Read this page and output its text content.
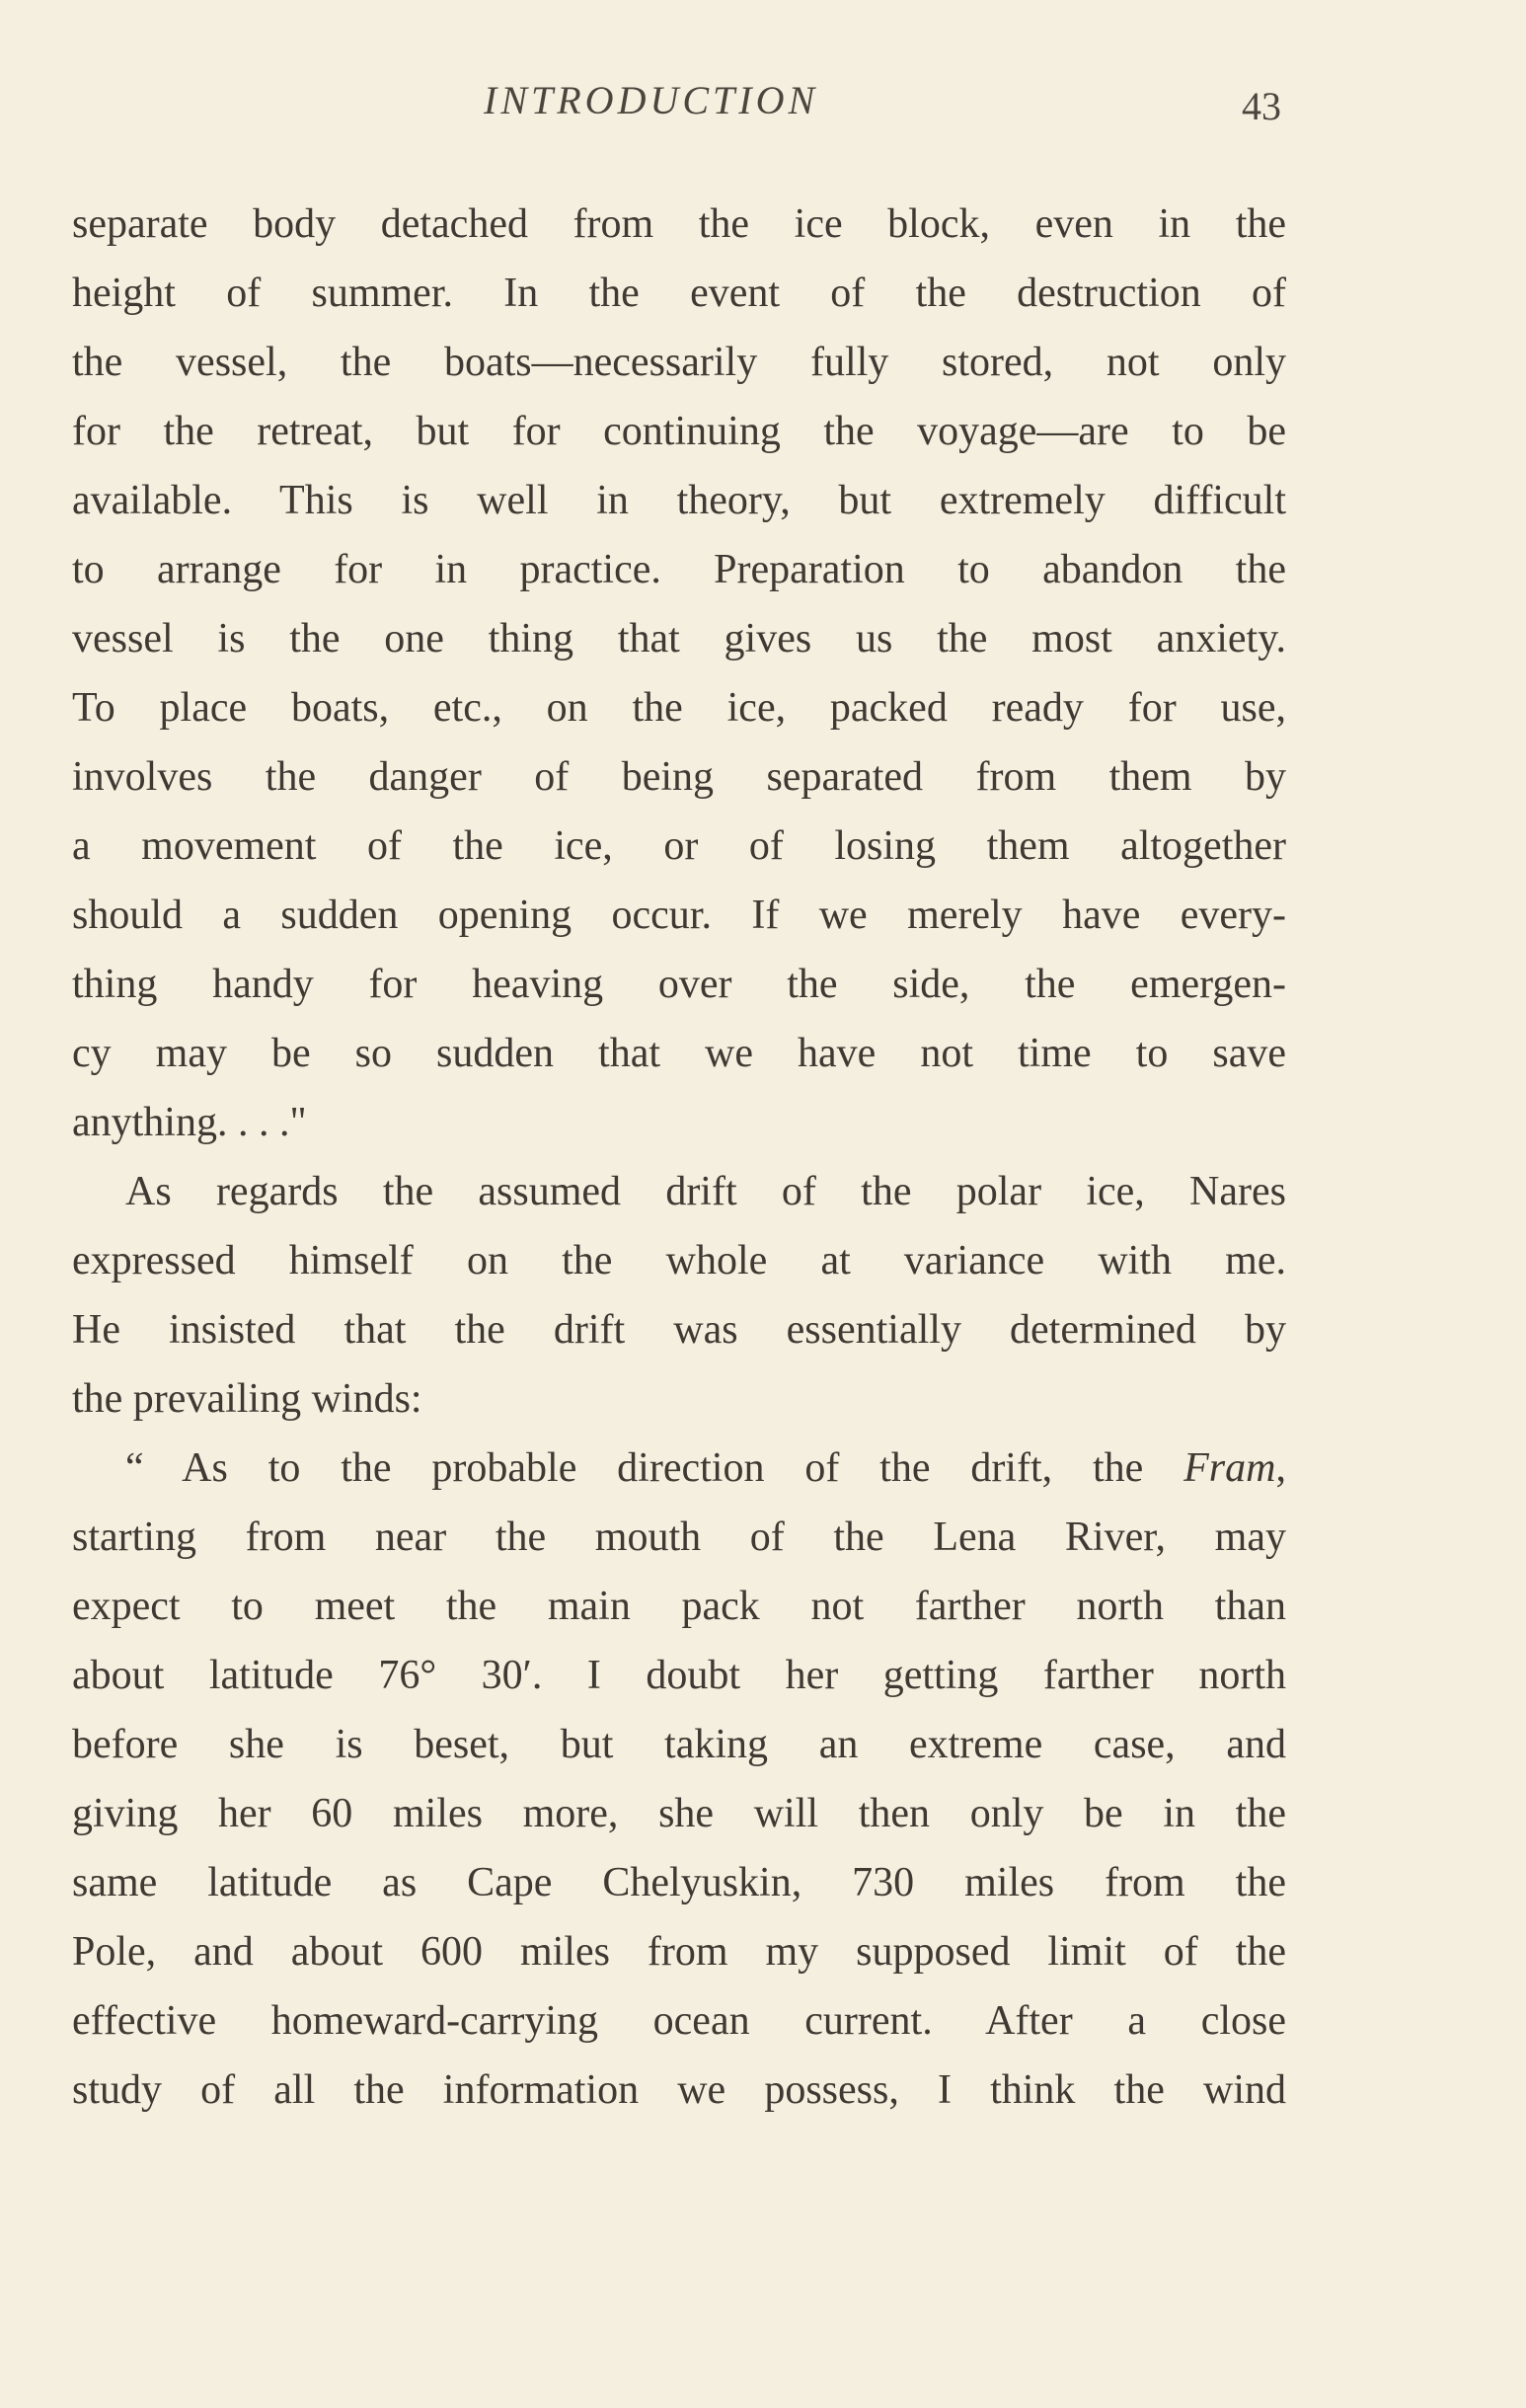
INTRODUCTION	43
separate body detached from the ice block, even in the
height of summer. In the event of the destruction of
the vessel, the boats—necessarily fully stored, not only
for the retreat, but for continuing the voyage—are to be
available. This is well in theory, but extremely difficult
to arrange for in practice. Preparation to abandon the
vessel is the one thing that gives us the most anxiety.
To place boats, etc., on the ice, packed ready for use,
involves the danger of being separated from them by
a movement of the ice, or of losing them altogether
should a sudden opening occur. If we merely have every-
thing handy for heaving over the side, the emergen-
cy may be so sudden that we have not time to save
anything. . . ."
As regards the assumed drift of the polar ice, Nares
expressed himself on the whole at variance with me.
He insisted that the drift was essentially determined by
the prevailing winds:
“ As to the probable direction of the drift, the Fram,
starting from near the mouth of the Lena River, may
expect to meet the main pack not farther north than
about latitude 76° 30′. I doubt her getting farther north
before she is beset, but taking an extreme case, and
giving her 60 miles more, she will then only be in the
same latitude as Cape Chelyuskin, 730 miles from the
Pole, and about 600 miles from my supposed limit of the
effective homeward-carrying ocean current. After a close
study of all the information we possess, I think the wind
